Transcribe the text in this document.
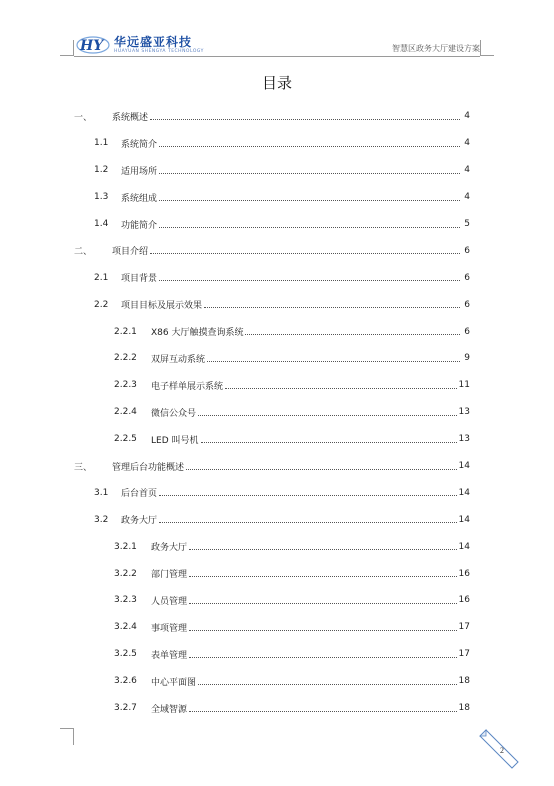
HY 华远盛亚科技
HUAYUAN SHENGYA TECHNOLOGY	智慧区政务大厅建设方案
目录
一、	系统概述	4
1.1	系统简介	4
1.2	适用场所	4
1.3	系统组成	4
1.4	功能简介	5
二、	项目介绍	6
2.1	项目背景	6
2.2	项目目标及展示效果	6
2.2.1	X86 大厅触摸查询系统	6
2.2.2	双屏互动系统	9
2.2.3	电子样单展示系统	11
2.2.4	微信公众号	13
2.2.5	LED 叫号机	13
三、	管理后台功能概述	14
3.1	后台首页	14
3.2	政务大厅	14
3.2.1	政务大厅	14
3.2.2	部门管理	16
3.2.3	人员管理	16
3.2.4	事项管理	17
3.2.5	表单管理	17
3.2.6	中心平面图	18
3.2.7	全域智源	18
2
